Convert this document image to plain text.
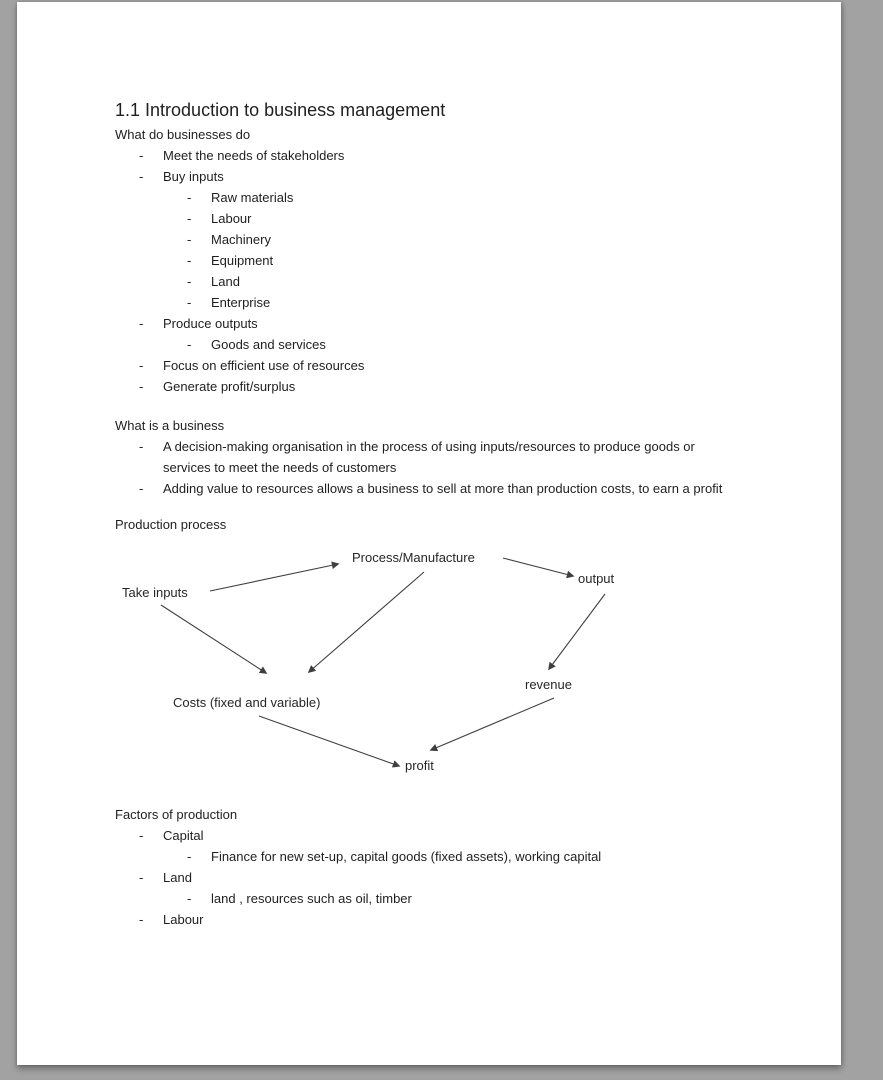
1.1 Introduction to business management

What do businesses do

-	Meet the needs of stakeholders
-	Buy inputs
-	Raw materials
-	Labour
-	Machinery
-	Equipment
-	Land
-	Enterprise
-	Produce outputs
-	Goods and services
-	Focus on efficient use of resources
-	Generate profit/surplus

What is a business

-	A decision-making organisation in the process of using inputs/resources to produce goods or services to meet the needs of customers
-	Adding value to resources allows a business to sell at more than production costs, to earn a profit

Production process

Take inputs
Process/Manufacture
output
Costs (fixed and variable)
revenue
profit

Factors of production

-	Capital
-	Finance for new set-up, capital goods (fixed assets), working capital
-	Land
-	land , resources such as oil, timber
-	Labour
